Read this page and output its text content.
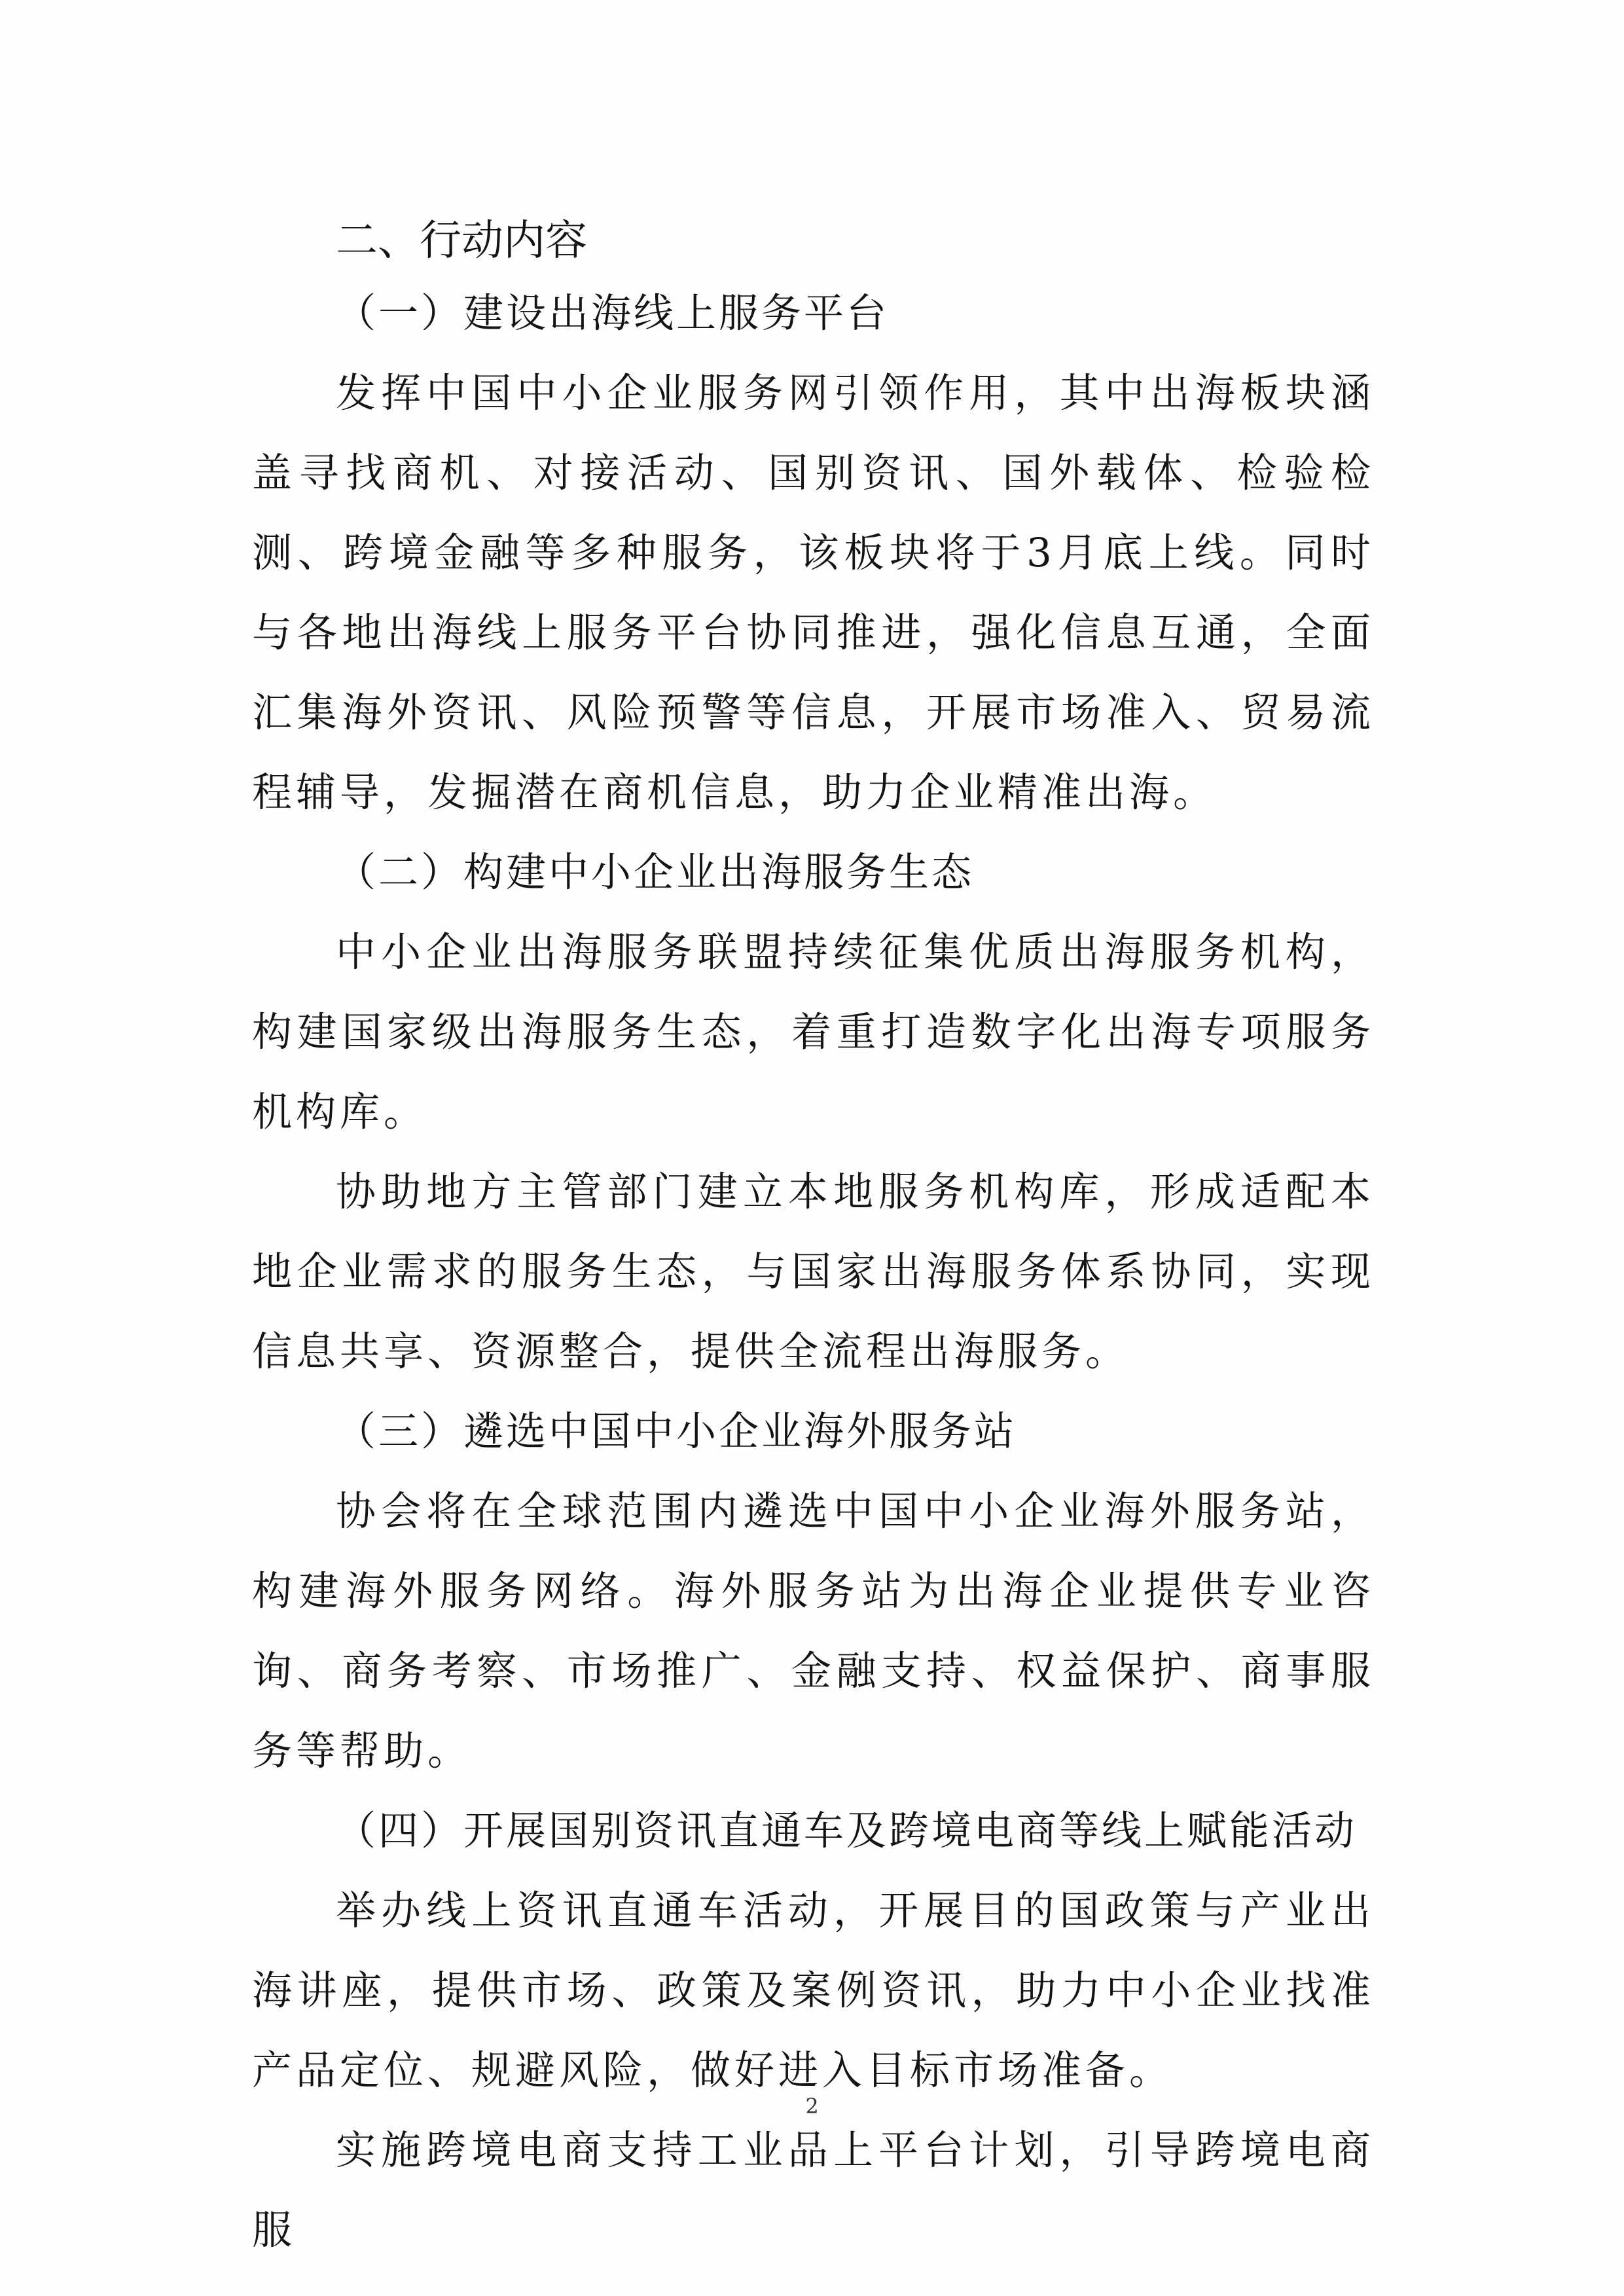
二、行动内容

（一）建设出海线上服务平台

发挥中国中小企业服务网引领作用，其中出海板块涵盖寻找商机、对接活动、国别资讯、国外载体、检验检测、跨境金融等多种服务，该板块将于3月底上线。同时与各地出海线上服务平台协同推进，强化信息互通，全面汇集海外资讯、风险预警等信息，开展市场准入、贸易流程辅导，发掘潜在商机信息，助力企业精准出海。

（二）构建中小企业出海服务生态

中小企业出海服务联盟持续征集优质出海服务机构，构建国家级出海服务生态，着重打造数字化出海专项服务机构库。

协助地方主管部门建立本地服务机构库，形成适配本地企业需求的服务生态，与国家出海服务体系协同，实现信息共享、资源整合，提供全流程出海服务。

（三）遴选中国中小企业海外服务站

协会将在全球范围内遴选中国中小企业海外服务站，构建海外服务网络。海外服务站为出海企业提供专业咨询、商务考察、市场推广、金融支持、权益保护、商事服务等帮助。

（四）开展国别资讯直通车及跨境电商等线上赋能活动

举办线上资讯直通车活动，开展目的国政策与产业出海讲座，提供市场、政策及案例资讯，助力中小企业找准产品定位、规避风险，做好进入目标市场准备。

实施跨境电商支持工业品上平台计划，引导跨境电商服

2
